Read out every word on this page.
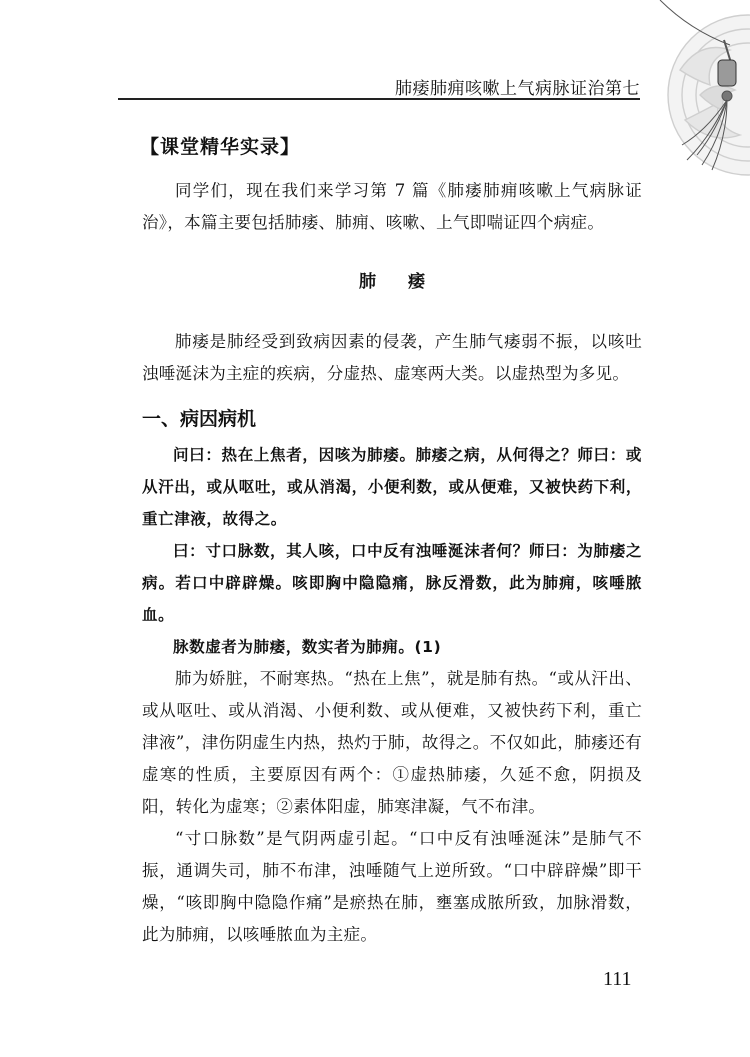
肺痿肺痈咳嗽上气病脉证治第七
【课堂精华实录】

同学们，现在我们来学习第 7 篇《肺痿肺痈咳嗽上气病脉证治》，本篇主要包括肺痿、肺痈、咳嗽、上气即喘证四个病症。

肺痿

肺痿是肺经受到致病因素的侵袭，产生肺气痿弱不振，以咳吐浊唾涎沫为主症的疾病，分虚热、虚寒两大类。以虚热型为多见。

一、病因病机

问曰：热在上焦者，因咳为肺痿。肺痿之病，从何得之？师曰：或从汗出，或从呕吐，或从消渴，小便利数，或从便难，又被快药下利，重亡津液，故得之。

曰：寸口脉数，其人咳，口中反有浊唾涎沫者何？师曰：为肺痿之病。若口中辟辟燥。咳即胸中隐隐痛，脉反滑数，此为肺痈，咳唾脓血。

脉数虚者为肺痿，数实者为肺痈。(1)

肺为娇脏，不耐寒热。“热在上焦”，就是肺有热。“或从汗出、或从呕吐、或从消渴、小便利数、或从便难，又被快药下利，重亡津液”，津伤阴虚生内热，热灼于肺，故得之。不仅如此，肺痿还有虚寒的性质，主要原因有两个：①虚热肺痿，久延不愈，阴损及阳，转化为虚寒；②素体阳虚，肺寒津凝，气不布津。

“寸口脉数”是气阴两虚引起。“口中反有浊唾涎沫”是肺气不振，通调失司，肺不布津，浊唾随气上逆所致。“口中辟辟燥”即干燥，“咳即胸中隐隐作痛”是瘀热在肺，壅塞成脓所致，加脉滑数，此为肺痈，以咳唾脓血为主症。

111
